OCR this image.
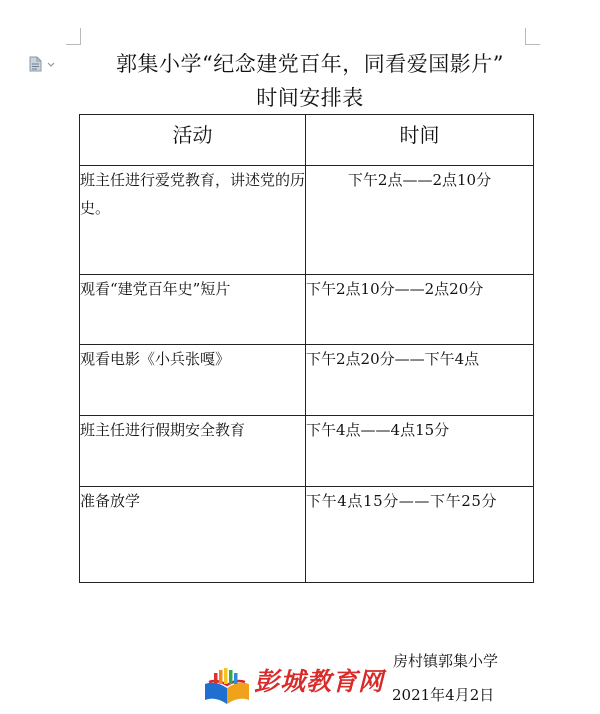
郭集小学“纪念建党百年，同看爱国影片”
时间安排表
活动	时间
班主任进行爱党教育，讲述党的历史。	下午2点——2点10分
观看“建党百年史”短片	下午2点10分——2点20分
观看电影《小兵张嘎》	下午2点20分——下午4点
班主任进行假期安全教育	下午4点——4点15分
准备放学	下午4点15分——下午25分
彭城教育网
房村镇郭集小学
2021年4月2日
